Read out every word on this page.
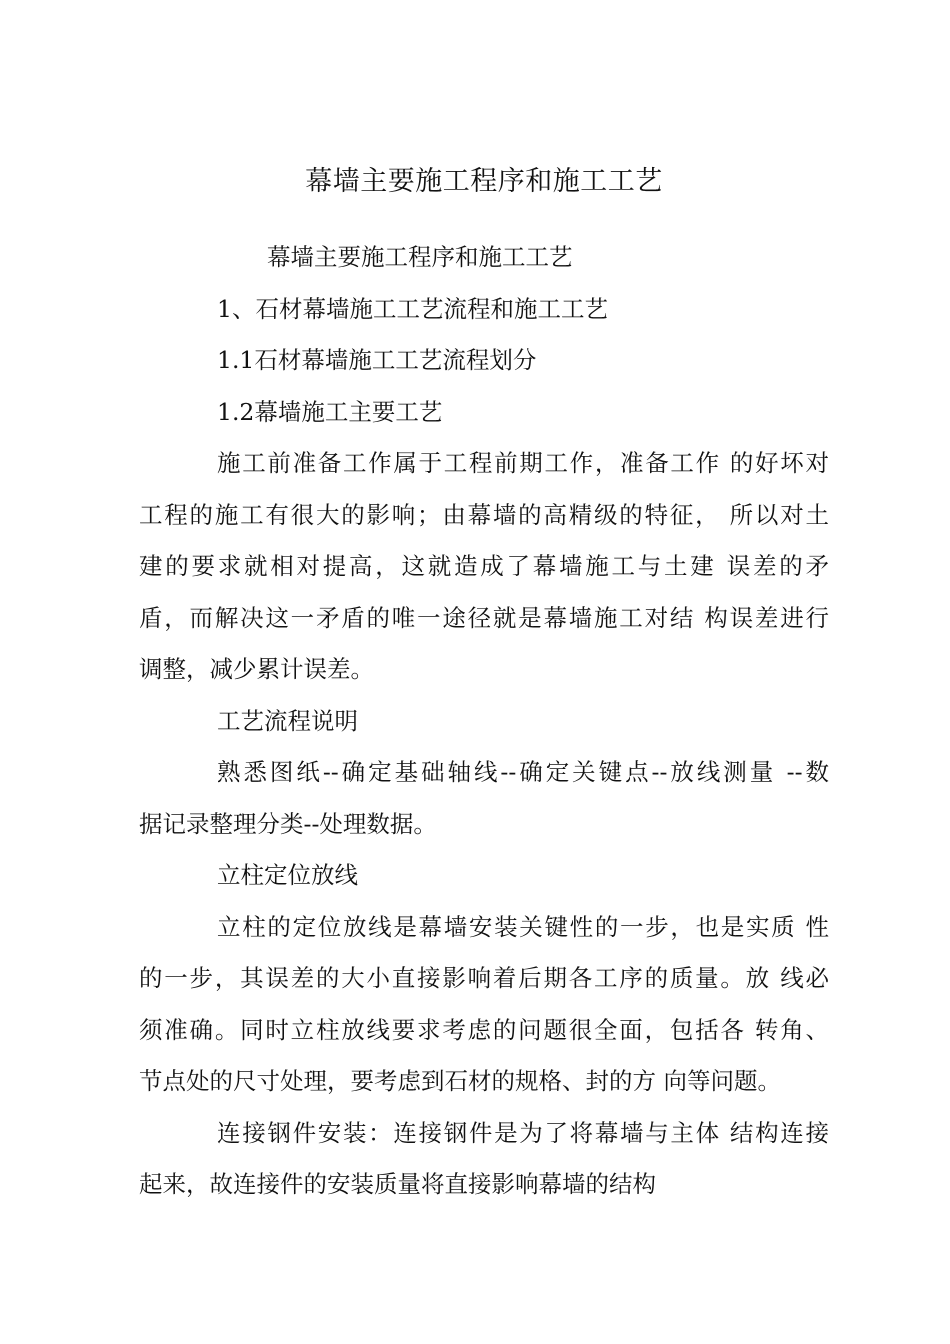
幕墙主要施工程序和施工工艺
幕墙主要施工程序和施工工艺
1、石材幕墙施工工艺流程和施工工艺
1.1石材幕墙施工工艺流程划分
1.2幕墙施工主要工艺
施工前准备工作属于工程前期工作，准备工作 的好坏对
工程的施工有很大的影响；由幕墙的高精级的特征， 所以对土
建的要求就相对提高，这就造成了幕墙施工与土建 误差的矛
盾，而解决这一矛盾的唯一途径就是幕墙施工对结 构误差进行
调整，减少累计误差。
工艺流程说明
熟悉图纸--确定基础轴线--确定关键点--放线测量 --数
据记录整理分类--处理数据。
立柱定位放线
立柱的定位放线是幕墙安装关键性的一步，也是实质 性
的一步，其误差的大小直接影响着后期各工序的质量。放 线必
须准确。同时立柱放线要求考虑的问题很全面，包括各 转角、
节点处的尺寸处理，要考虑到石材的规格、封的方 向等问题。
连接钢件安装：连接钢件是为了将幕墙与主体 结构连接
起来，故连接件的安装质量将直接影响幕墙的结构
